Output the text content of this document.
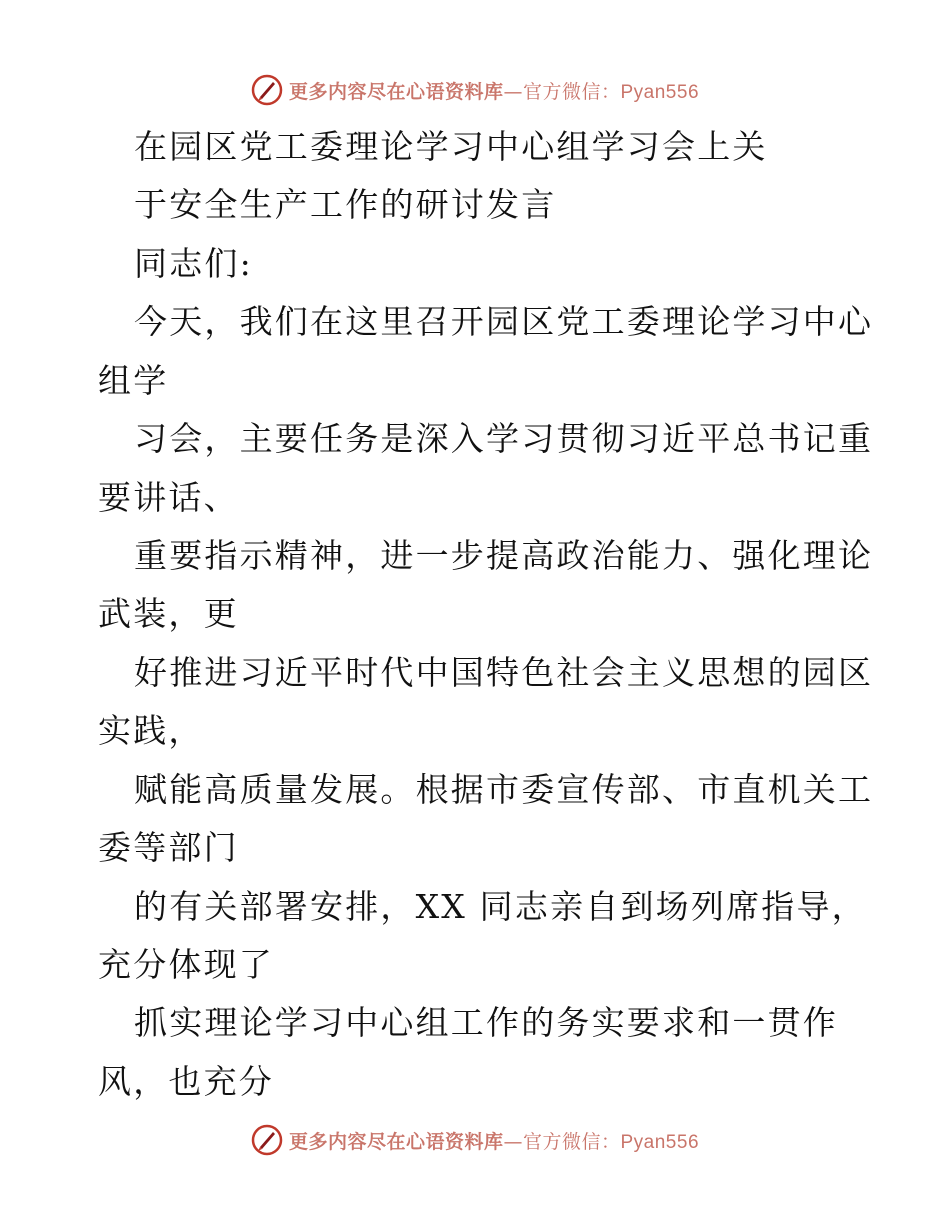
更多内容尽在心语资料库—官方微信：Pyan556
在园区党工委理论学习中心组学习会上关
于安全生产工作的研讨发言
同志们:
今天，我们在这里召开园区党工委理论学习中心
组学
习会，主要任务是深入学习贯彻习近平总书记重
要讲话、
重要指示精神，进一步提高政治能力、强化理论
武装，更
好推进习近平时代中国特色社会主义思想的园区
实践，
赋能高质量发展。根据市委宣传部、市直机关工
委等部门
的有关部署安排，XX 同志亲自到场列席指导，
充分体现了
抓实理论学习中心组工作的务实要求和一贯作
风，也充分
更多内容尽在心语资料库—官方微信：Pyan556
